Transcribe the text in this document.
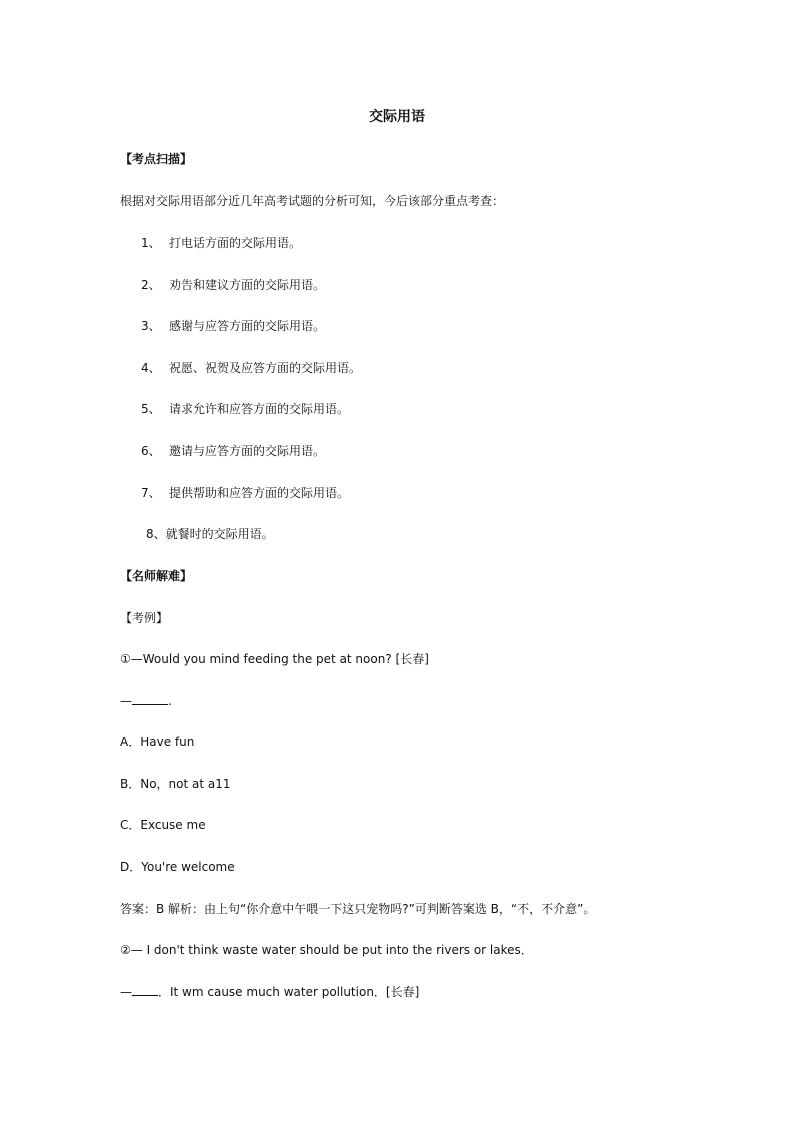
交际用语
【考点扫描】
根据对交际用语部分近几年高考试题的分析可知，今后该部分重点考查：
1、 打电话方面的交际用语。
2、 劝告和建议方面的交际用语。
3、 感谢与应答方面的交际用语。
4、 祝愿、祝贺及应答方面的交际用语。
5、 请求允许和应答方面的交际用语。
6、 邀请与应答方面的交际用语。
7、 提供帮助和应答方面的交际用语。
8、就餐时的交际用语。
【名师解难】
【考例】
①—Would you mind feeding the pet at noon? [长春]
—	.
A．Have fun
B．No，not at a11
C．Excuse me
D．You're welcome
答案：B 解析：由上句“你介意中午喂一下这只宠物吗?”可判断答案选 B，“不，不介意”。
②— I don't think waste water should be put into the rivers or lakes．
— ．It wm cause much water pollution．[长春]
